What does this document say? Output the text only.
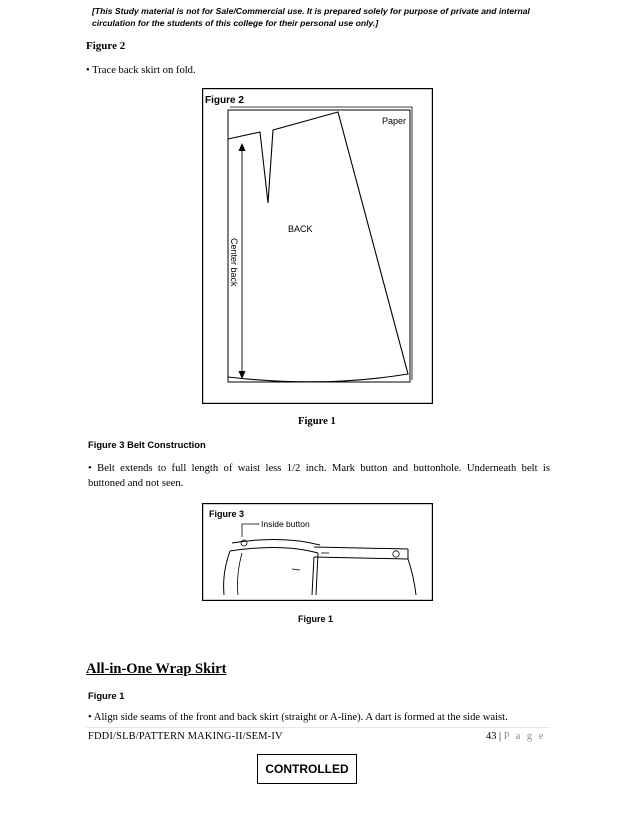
[This Study material is not for Sale/Commercial use. It is prepared solely for purpose of private and internal circulation for the students of this college for their personal use only.]
Figure 2
• Trace back skirt on fold.
Figure 2
Paper
Center back
BACK
Figure 1
Figure 3 Belt Construction
• Belt extends to full length of waist less 1/2 inch. Mark button and buttonhole. Underneath belt is
buttoned and not seen.
Figure 3
Inside button
Figure 1
All-in-One Wrap Skirt
Figure 1
• Align side seams of the front and back skirt (straight or A-line). A dart is formed at the side waist.
FDDI/SLB/PATTERN MAKING-II/SEM-IV	43 | P a g e
CONTROLLED
